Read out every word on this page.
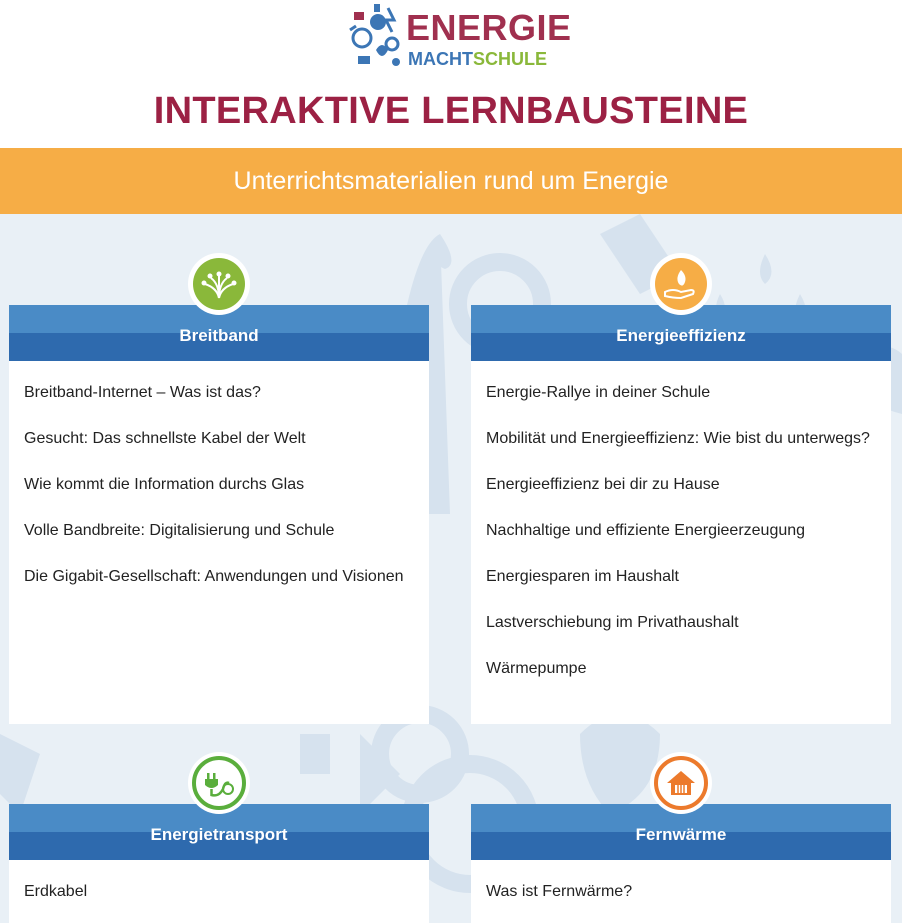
ENERGIE
MACHTSCHULE
INTERAKTIVE LERNBAUSTEINE
Unterrichtsmaterialien rund um Energie
Breitband
Breitband-Internet – Was ist das?
Gesucht: Das schnellste Kabel der Welt
Wie kommt die Information durchs Glas
Volle Bandbreite: Digitalisierung und Schule
Die Gigabit-Gesellschaft: Anwendungen und Visionen
Energieeffizienz
Energie-Rallye in deiner Schule
Mobilität und Energieeffizienz: Wie bist du unterwegs?
Energieeffizienz bei dir zu Hause
Nachhaltige und effiziente Energieerzeugung
Energiesparen im Haushalt
Lastverschiebung im Privathaushalt
Wärmepumpe
Energietransport
Erdkabel
Fernwärme
Was ist Fernwärme?
